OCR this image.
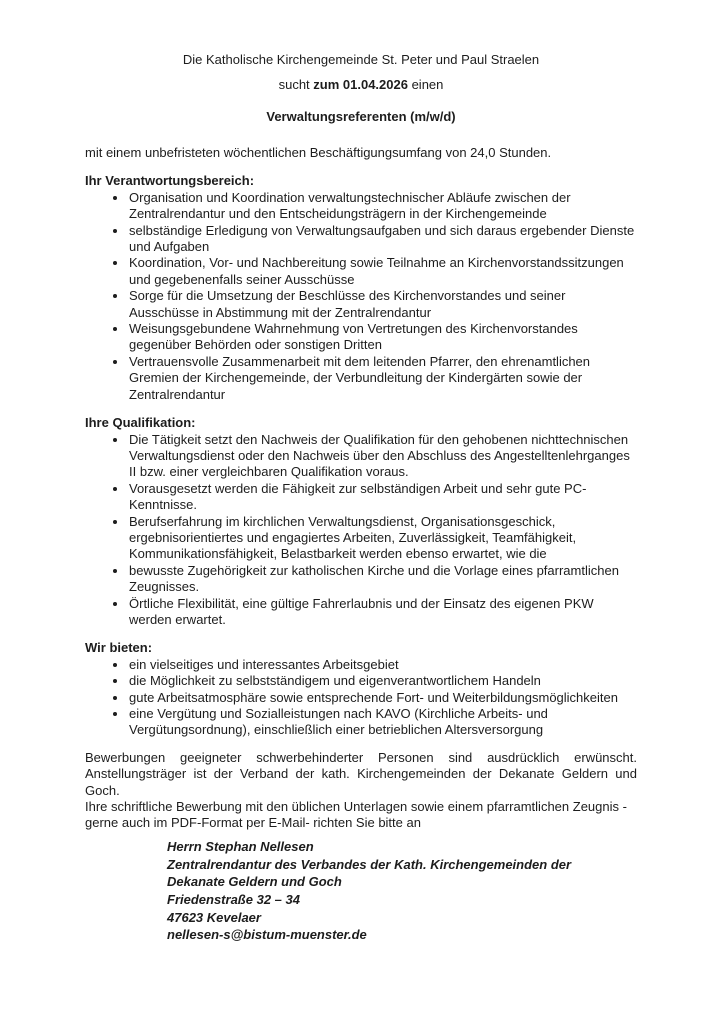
Die Katholische Kirchengemeinde St. Peter und Paul Straelen

sucht zum 01.04.2026 einen

Verwaltungsreferenten (m/w/d)

mit einem unbefristeten wöchentlichen Beschäftigungsumfang von 24,0 Stunden.

Ihr Verantwortungsbereich:

• Organisation und Koordination verwaltungstechnischer Abläufe zwischen der Zentralrendantur und den Entscheidungsträgern in der Kirchengemeinde
• selbständige Erledigung von Verwaltungsaufgaben und sich daraus ergebender Dienste und Aufgaben
• Koordination, Vor- und Nachbereitung sowie Teilnahme an Kirchenvorstandssitzungen und gegebenenfalls seiner Ausschüsse
• Sorge für die Umsetzung der Beschlüsse des Kirchenvorstandes und seiner Ausschüsse in Abstimmung mit der Zentralrendantur
• Weisungsgebundene Wahrnehmung von Vertretungen des Kirchenvorstandes gegenüber Behörden oder sonstigen Dritten
• Vertrauensvolle Zusammenarbeit mit dem leitenden Pfarrer, den ehrenamtlichen Gremien der Kirchengemeinde, der Verbundleitung der Kindergärten sowie der Zentralrendantur

Ihre Qualifikation:

• Die Tätigkeit setzt den Nachweis der Qualifikation für den gehobenen nichttechnischen Verwaltungsdienst oder den Nachweis über den Abschluss des Angestelltenlehrganges II bzw. einer vergleichbaren Qualifikation voraus.
• Vorausgesetzt werden die Fähigkeit zur selbständigen Arbeit und sehr gute PC-Kenntnisse.
• Berufserfahrung im kirchlichen Verwaltungsdienst, Organisationsgeschick, ergebnisorientiertes und engagiertes Arbeiten, Zuverlässigkeit, Teamfähigkeit, Kommunikationsfähigkeit, Belastbarkeit werden ebenso erwartet, wie die
• bewusste Zugehörigkeit zur katholischen Kirche und die Vorlage eines pfarramtlichen Zeugnisses.
• Örtliche Flexibilität, eine gültige Fahrerlaubnis und der Einsatz des eigenen PKW werden erwartet.

Wir bieten:

• ein vielseitiges und interessantes Arbeitsgebiet
• die Möglichkeit zu selbstständigem und eigenverantwortlichem Handeln
• gute Arbeitsatmosphäre sowie entsprechende Fort- und Weiterbildungsmöglichkeiten
• eine Vergütung und Sozialleistungen nach KAVO (Kirchliche Arbeits- und Vergütungsordnung), einschließlich einer betrieblichen Altersversorgung

Bewerbungen geeigneter schwerbehinderter Personen sind ausdrücklich erwünscht. Anstellungsträger ist der Verband der kath. Kirchengemeinden der Dekanate Geldern und Goch.

Ihre schriftliche Bewerbung mit den üblichen Unterlagen sowie einem pfarramtlichen Zeugnis -gerne auch im PDF-Format per E-Mail- richten Sie bitte an

Herrn Stephan Nellesen

Zentralrendantur des Verbandes der Kath. Kirchengemeinden der

Dekanate Geldern und Goch

Friedenstraße 32 – 34

47623 Kevelaer

nellesen-s@bistum-muenster.de
